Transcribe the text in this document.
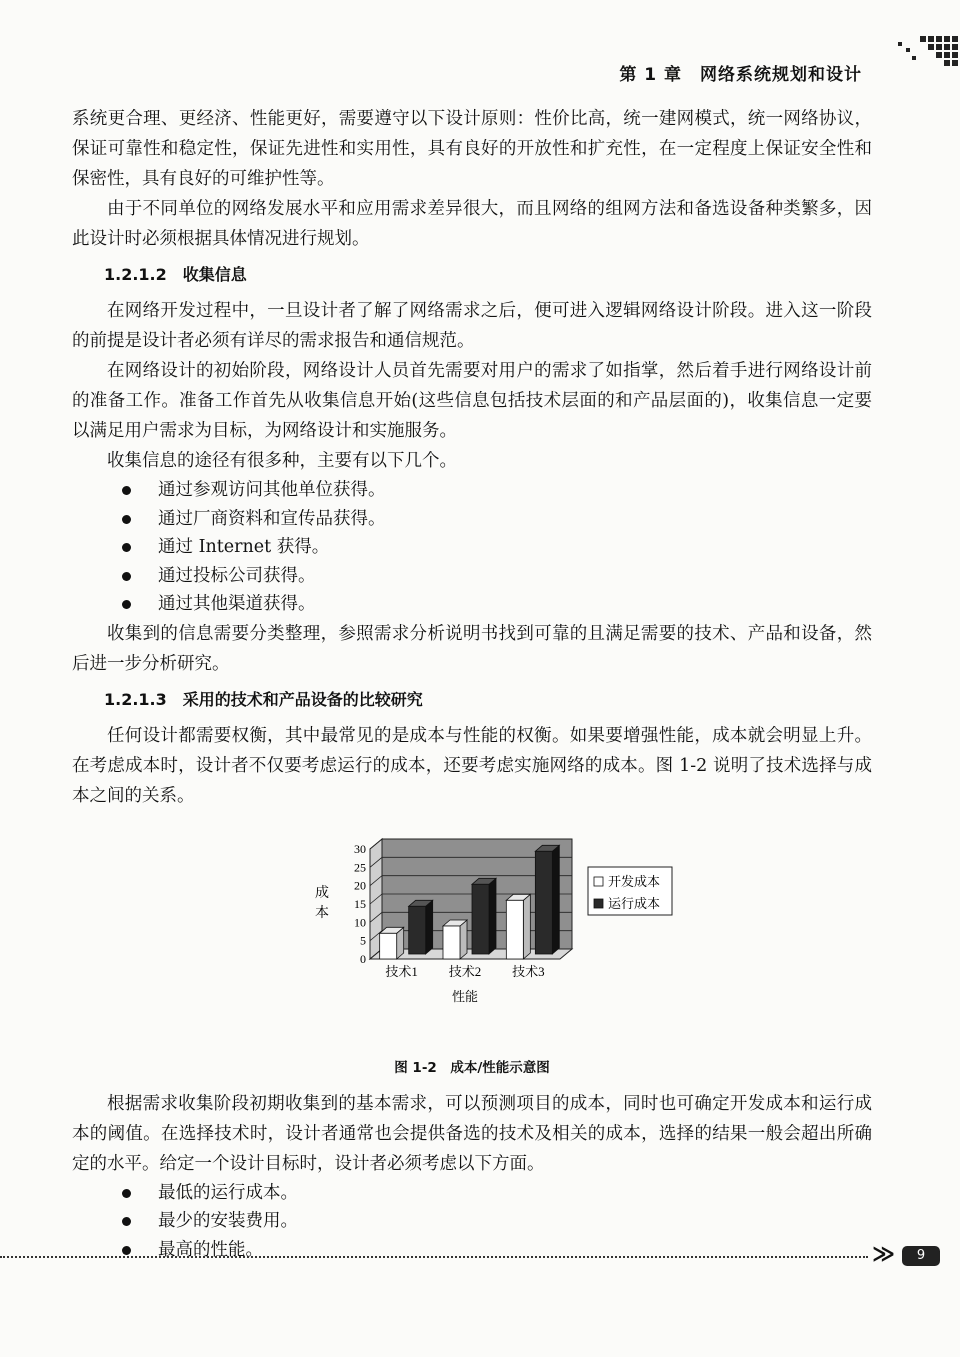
第 1 章　网络系统规划和设计

系统更合理、更经济、性能更好，需要遵守以下设计原则：性价比高，统一建网模式，统一网络协议，保证可靠性和稳定性，保证先进性和实用性，具有良好的开放性和扩充性，在一定程度上保证安全性和保密性，具有良好的可维护性等。

由于不同单位的网络发展水平和应用需求差异很大，而且网络的组网方法和备选设备种类繁多，因此设计时必须根据具体情况进行规划。

1.2.1.2　收集信息

在网络开发过程中，一旦设计者了解了网络需求之后，便可进入逻辑网络设计阶段。进入这一阶段的前提是设计者必须有详尽的需求报告和通信规范。

在网络设计的初始阶段，网络设计人员首先需要对用户的需求了如指掌，然后着手进行网络设计前的准备工作。准备工作首先从收集信息开始(这些信息包括技术层面的和产品层面的)，收集信息一定要以满足用户需求为目标，为网络设计和实施服务。

收集信息的途径有很多种，主要有以下几个。

通过参观访问其他单位获得。
通过厂商资料和宣传品获得。
通过 Internet 获得。
通过投标公司获得。
通过其他渠道获得。

收集到的信息需要分类整理，参照需求分析说明书找到可靠的且满足需要的技术、产品和设备，然后进一步分析研究。

1.2.1.3　采用的技术和产品设备的比较研究

任何设计都需要权衡，其中最常见的是成本与性能的权衡。如果要增强性能，成本就会明显上升。在考虑成本时，设计者不仅要考虑运行的成本，还要考虑实施网络的成本。图 1-2 说明了技术选择与成本之间的关系。

0
5
10
15
20
25
30
技术1 技术2 技术3
成
本
性能
开发成本
运行成本
图 1-2　成本/性能示意图

根据需求收集阶段初期收集到的基本需求，可以预测项目的成本，同时也可确定开发成本和运行成本的阈值。在选择技术时，设计者通常也会提供备选的技术及相关的成本，选择的结果一般会超出所确定的水平。给定一个设计目标时，设计者必须考虑以下方面。

最低的运行成本。
最少的安装费用。
最高的性能。	≫	9
